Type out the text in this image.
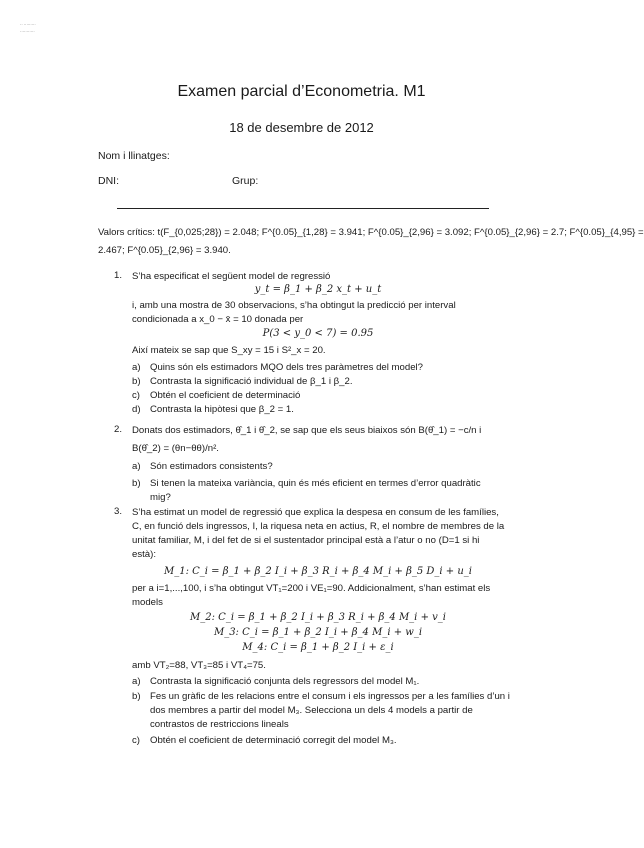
·· ·········
···········
Examen parcial d’Econometria. M1
18 de desembre de 2012
Nom i llinatges:
DNI:	Grup:
Valors crítics: t(F_{0,025;28}) = 2.048; F^{0.05}_{1,28} = 3.941; F^{0.05}_{2,96} = 3.092; F^{0.05}_{2,96} = 2.7; F^{0.05}_{4,95} =
2.467; F^{0.05}_{2,96} = 3.940.
1. S’ha especificat el següent model de regressió
y_t = β_1 + β_2 x_t + u_t
i, amb una mostra de 30 observacions, s’ha obtingut la predicció per interval
condicionada a x_0 − x̄ = 10 donada per
P(3 < y_0 < 7) = 0.95
Així mateix se sap que S_xy = 15 i S²_x = 20.
a) Quins són els estimadors MQO dels tres paràmetres del model?
b) Contrasta la significació individual de β_1 i β_2.
c) Obtén el coeficient de determinació
d) Contrasta la hipòtesi que β_2 = 1.
2. Donats dos estimadors, θ̂_1 i θ̂_2, se sap que els seus biaixos són B(θ̂_1) = −c/n i
B(θ̂_2) = (θn−θθ)/n².
a) Són estimadors consistents?
b) Si tenen la mateixa variància, quin és més eficient en termes d’error quadràtic
mig?
3. S’ha estimat un model de regressió que explica la despesa en consum de les famílies,
C, en funció dels ingressos, I, la riquesa neta en actius, R, el nombre de membres de la
unitat familiar, M, i del fet de si el sustentador principal està a l’atur o no (D=1 si hi
està):
M_1: C_i = β_1 + β_2 I_i + β_3 R_i + β_4 M_i + β_5 D_i + u_i
per a i=1,...,100, i s’ha obtingut VT₁=200 i VE₁=90. Addicionalment, s’han estimat els
models
M_2: C_i = β_1 + β_2 I_i + β_3 R_i + β_4 M_i + v_i
M_3: C_i = β_1 + β_2 I_i + β_4 M_i + w_i
M_4: C_i = β_1 + β_2 I_i + ε_i
amb VT₂=88, VT₃=85 i VT₄=75.
a) Contrasta la significació conjunta dels regressors del model M₁.
b) Fes un gràfic de les relacions entre el consum i els ingressos per a les famílies d’un i
dos membres a partir del model M₃. Selecciona un dels 4 models a partir de
contrastos de restriccions lineals
c) Obtén el coeficient de determinació corregit del model M₃.
